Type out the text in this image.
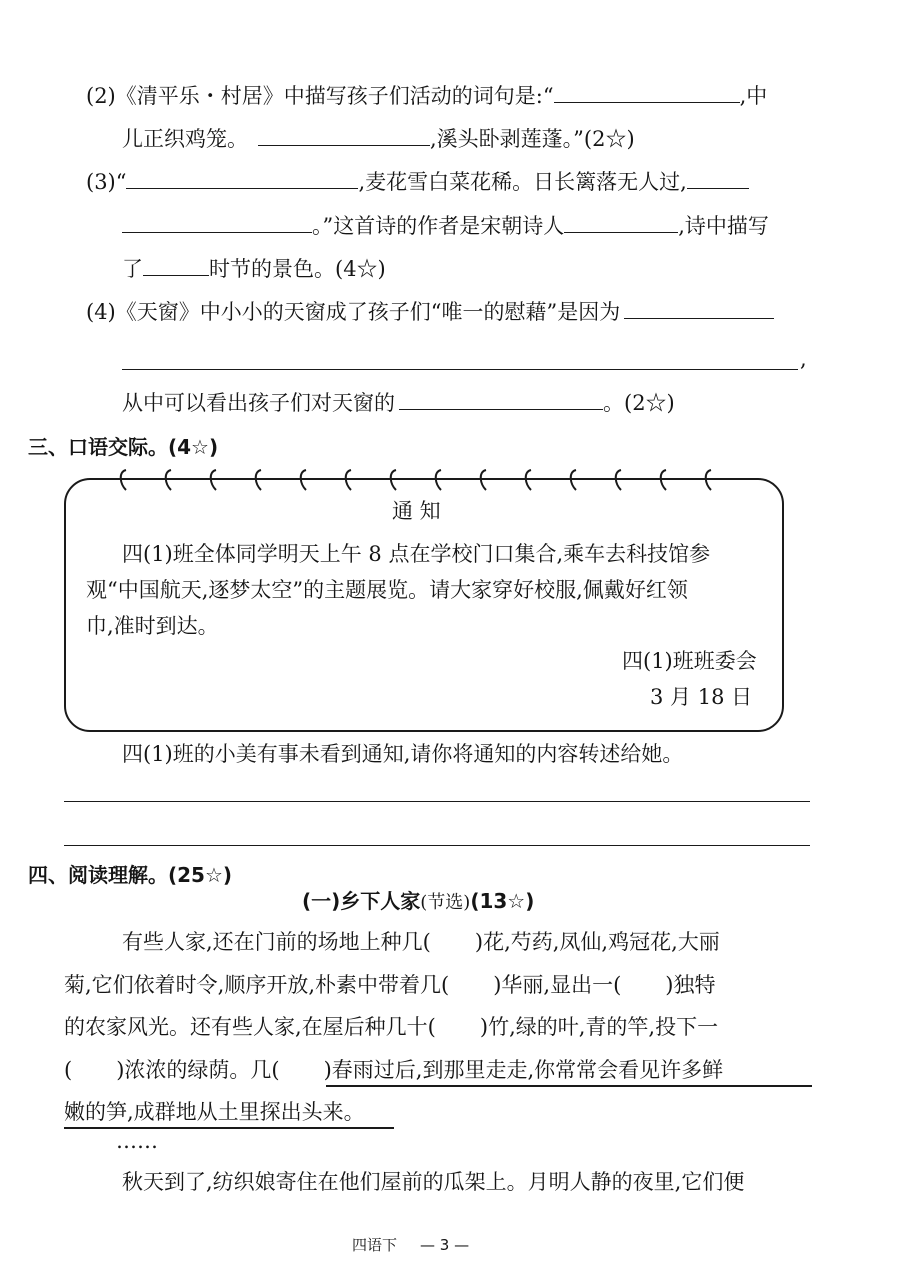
(2)《清平乐・村居》中描写孩子们活动的词句是:“	,中
儿正织鸡笼。	,溪头卧剥莲蓬。”(2☆)
(3)“	,麦花雪白菜花稀。日长篱落无人过,
。”这首诗的作者是宋朝诗人	,诗中描写
了	时节的景色。(4☆)
(4)《天窗》中小小的天窗成了孩子们“唯一的慰藉”是因为
,
从中可以看出孩子们对天窗的	。(2☆)
三、口语交际。(4☆)
通 知
四(1)班全体同学明天上午 8 点在学校门口集合,乘车去科技馆参
观“中国航天,逐梦太空”的主题展览。请大家穿好校服,佩戴好红领
巾,准时到达。
四(1)班班委会
3 月 18 日
四(1)班的小美有事未看到通知,请你将通知的内容转述给她。
四、阅读理解。(25☆)
(一)乡下人家(节选)(13☆)
有些人家,还在门前的场地上种几( )花,芍药,凤仙,鸡冠花,大丽
菊,它们依着时令,顺序开放,朴素中带着几( )华丽,显出一( )独特
的农家风光。还有些人家,在屋后种几十( )竹,绿的叶,青的竿,投下一
( )浓浓的绿荫。几( )春雨过后,到那里走走,你常常会看见许多鲜
嫩的笋,成群地从土里探出头来。
……
秋天到了,纺织娘寄住在他们屋前的瓜架上。月明人静的夜里,它们便
四语下 — 3 —
